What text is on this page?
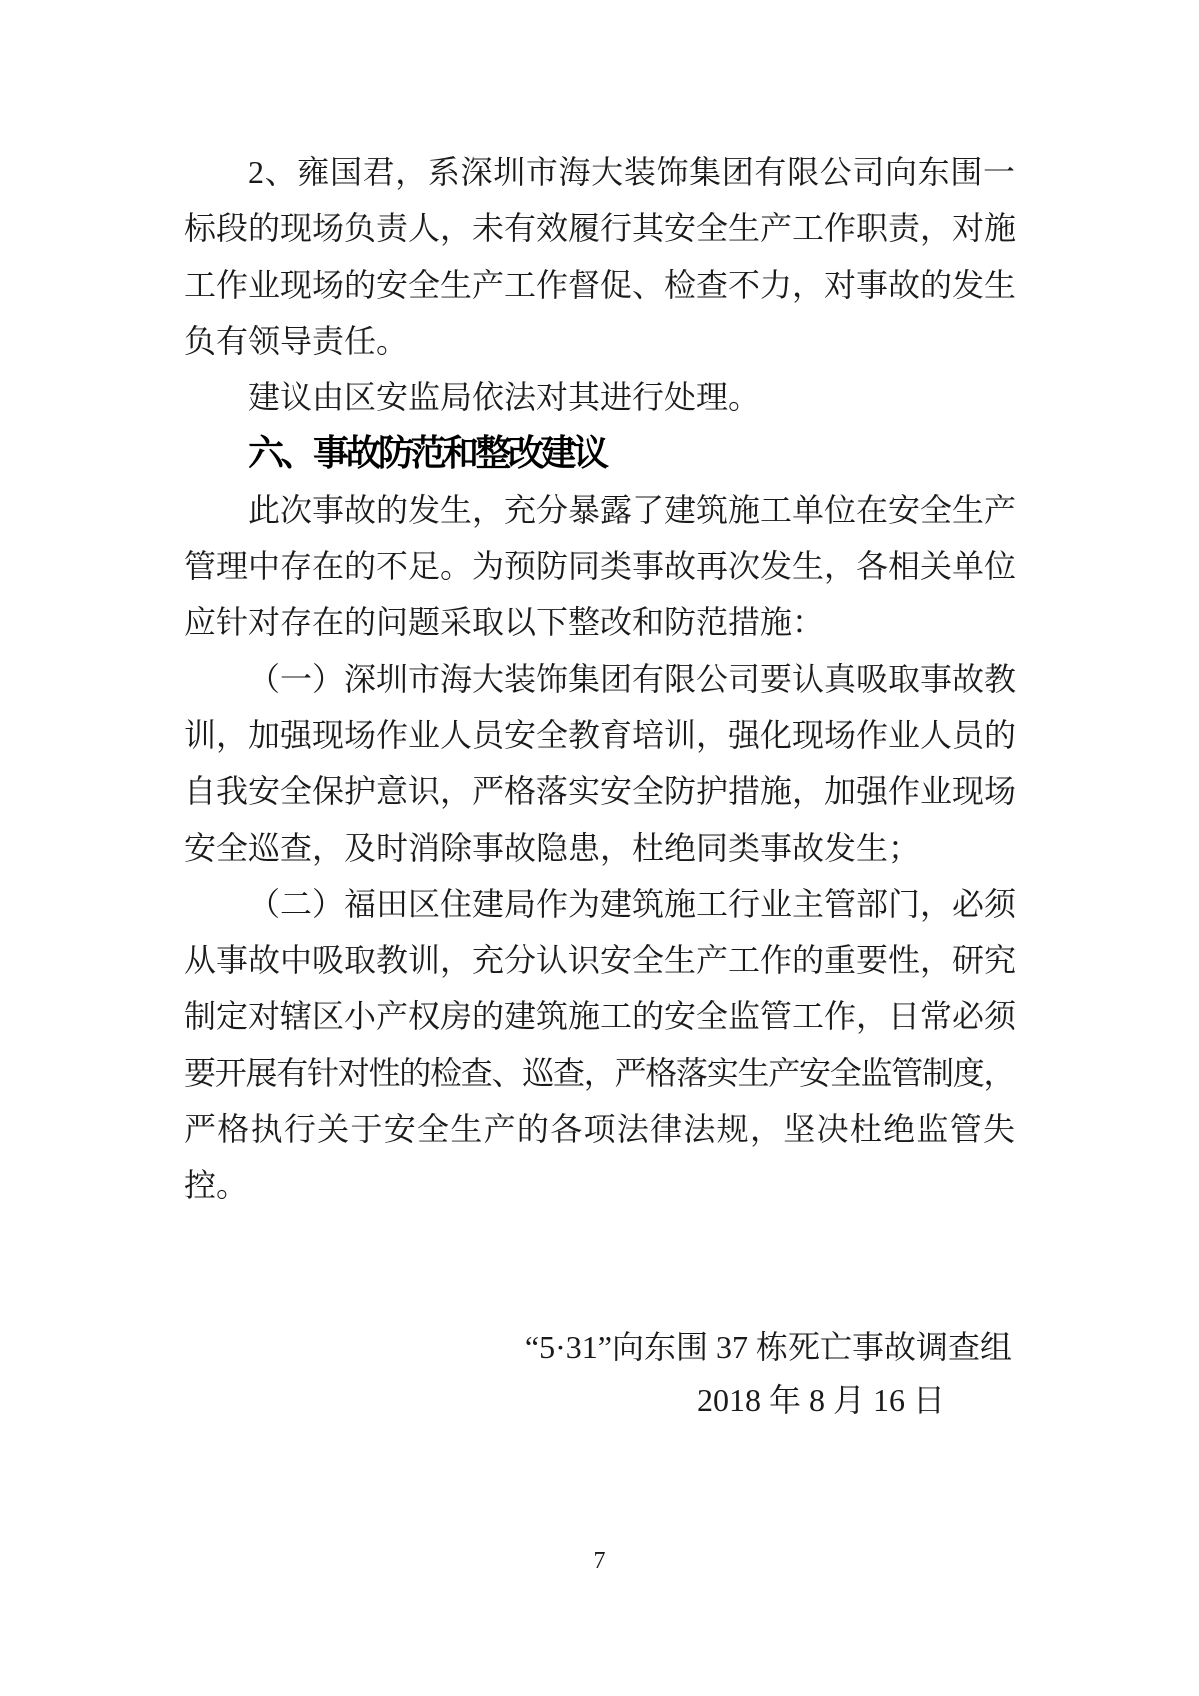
2、雍国君，系深圳市海大装饰集团有限公司向东围一
标段的现场负责人，未有效履行其安全生产工作职责，对施
工作业现场的安全生产工作督促、检查不力，对事故的发生
负有领导责任。
建议由区安监局依法对其进行处理。
六、事故防范和整改建议
此次事故的发生，充分暴露了建筑施工单位在安全生产
管理中存在的不足。为预防同类事故再次发生，各相关单位
应针对存在的问题采取以下整改和防范措施：
（一）深圳市海大装饰集团有限公司要认真吸取事故教
训，加强现场作业人员安全教育培训，强化现场作业人员的
自我安全保护意识，严格落实安全防护措施，加强作业现场
安全巡查，及时消除事故隐患，杜绝同类事故发生；
（二）福田区住建局作为建筑施工行业主管部门，必须
从事故中吸取教训，充分认识安全生产工作的重要性，研究
制定对辖区小产权房的建筑施工的安全监管工作，日常必须
要开展有针对性的检查、巡查，严格落实生产安全监管制度，
严格执行关于安全生产的各项法律法规，坚决杜绝监管失
控。
“5·31”向东围 37 栋死亡事故调查组
2018 年 8 月 16 日
7
